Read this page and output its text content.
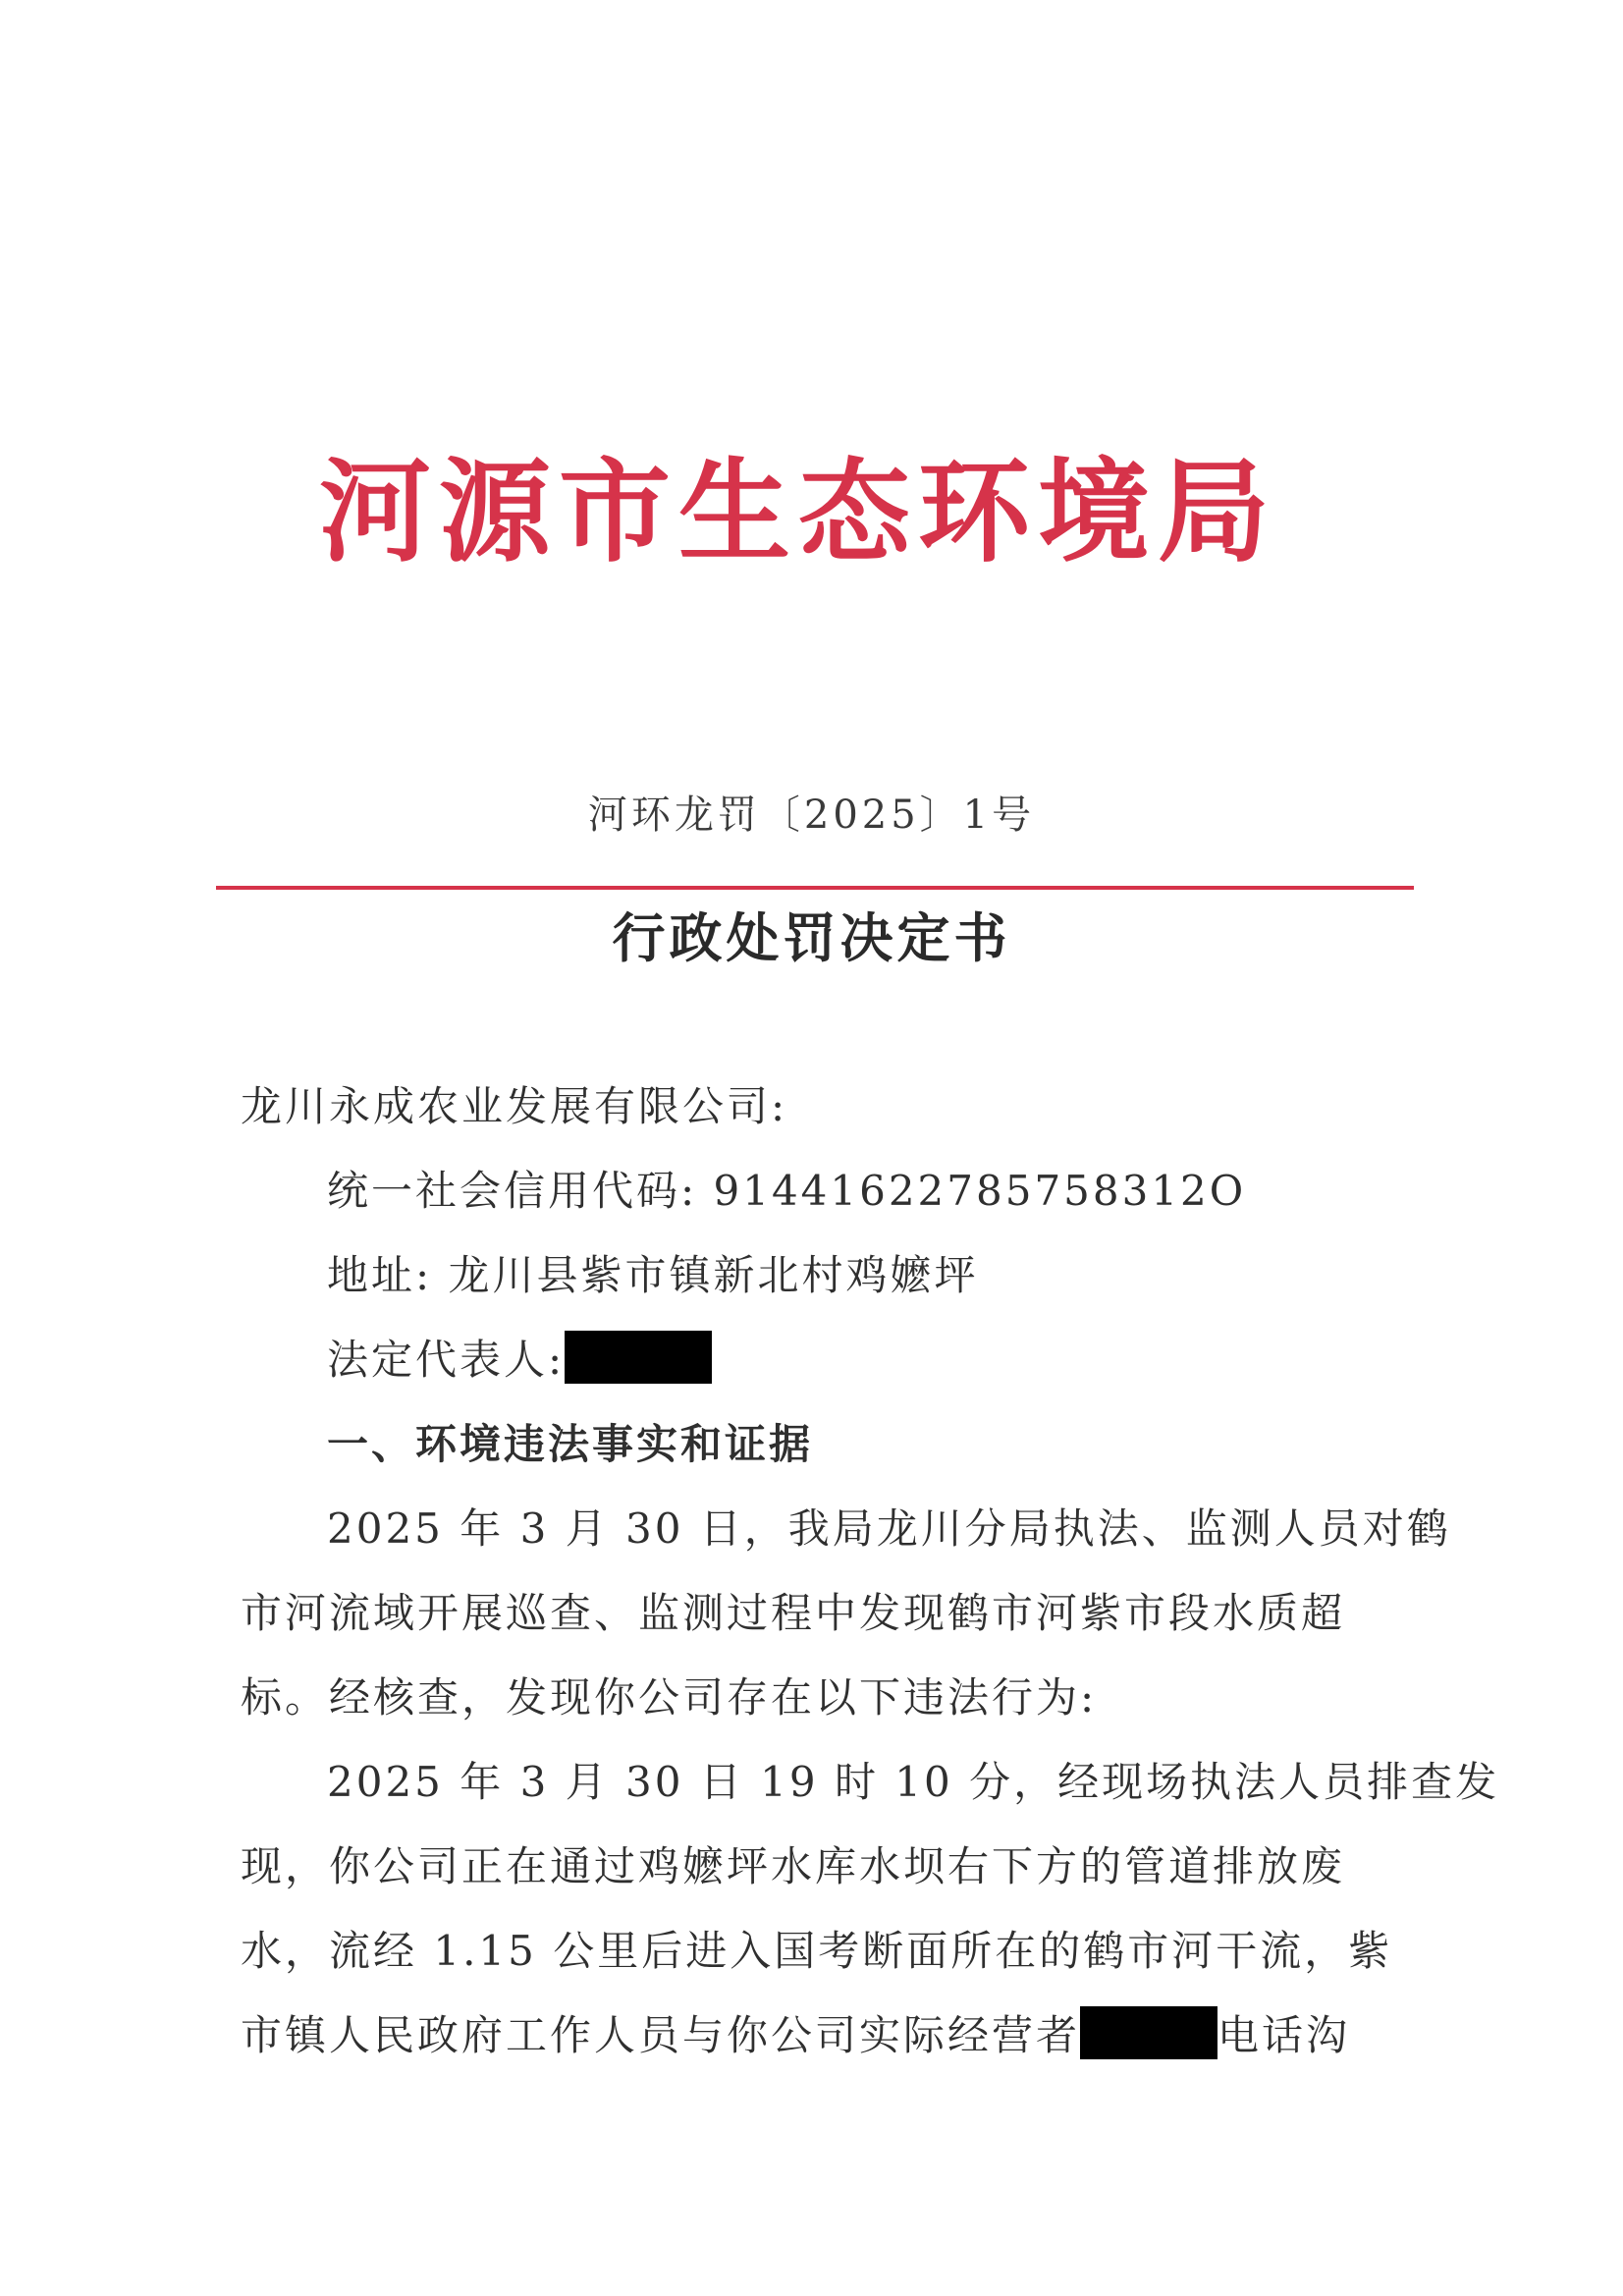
河源市生态环境局
河环龙罚〔2025〕1号
行政处罚决定书
龙川永成农业发展有限公司:
统一社会信用代码: 91441622785758312O
地址: 龙川县紫市镇新北村鸡嬷坪
法定代表人:
一、环境违法事实和证据
2025 年 3 月 30 日，我局龙川分局执法、监测人员对鹤
市河流域开展巡查、监测过程中发现鹤市河紫市段水质超
标。经核查，发现你公司存在以下违法行为:
2025 年 3 月 30 日 19 时 10 分，经现场执法人员排查发
现，你公司正在通过鸡嬷坪水库水坝右下方的管道排放废
水，流经 1.15 公里后进入国考断面所在的鹤市河干流，紫
市镇人民政府工作人员与你公司实际经营者	电话沟
